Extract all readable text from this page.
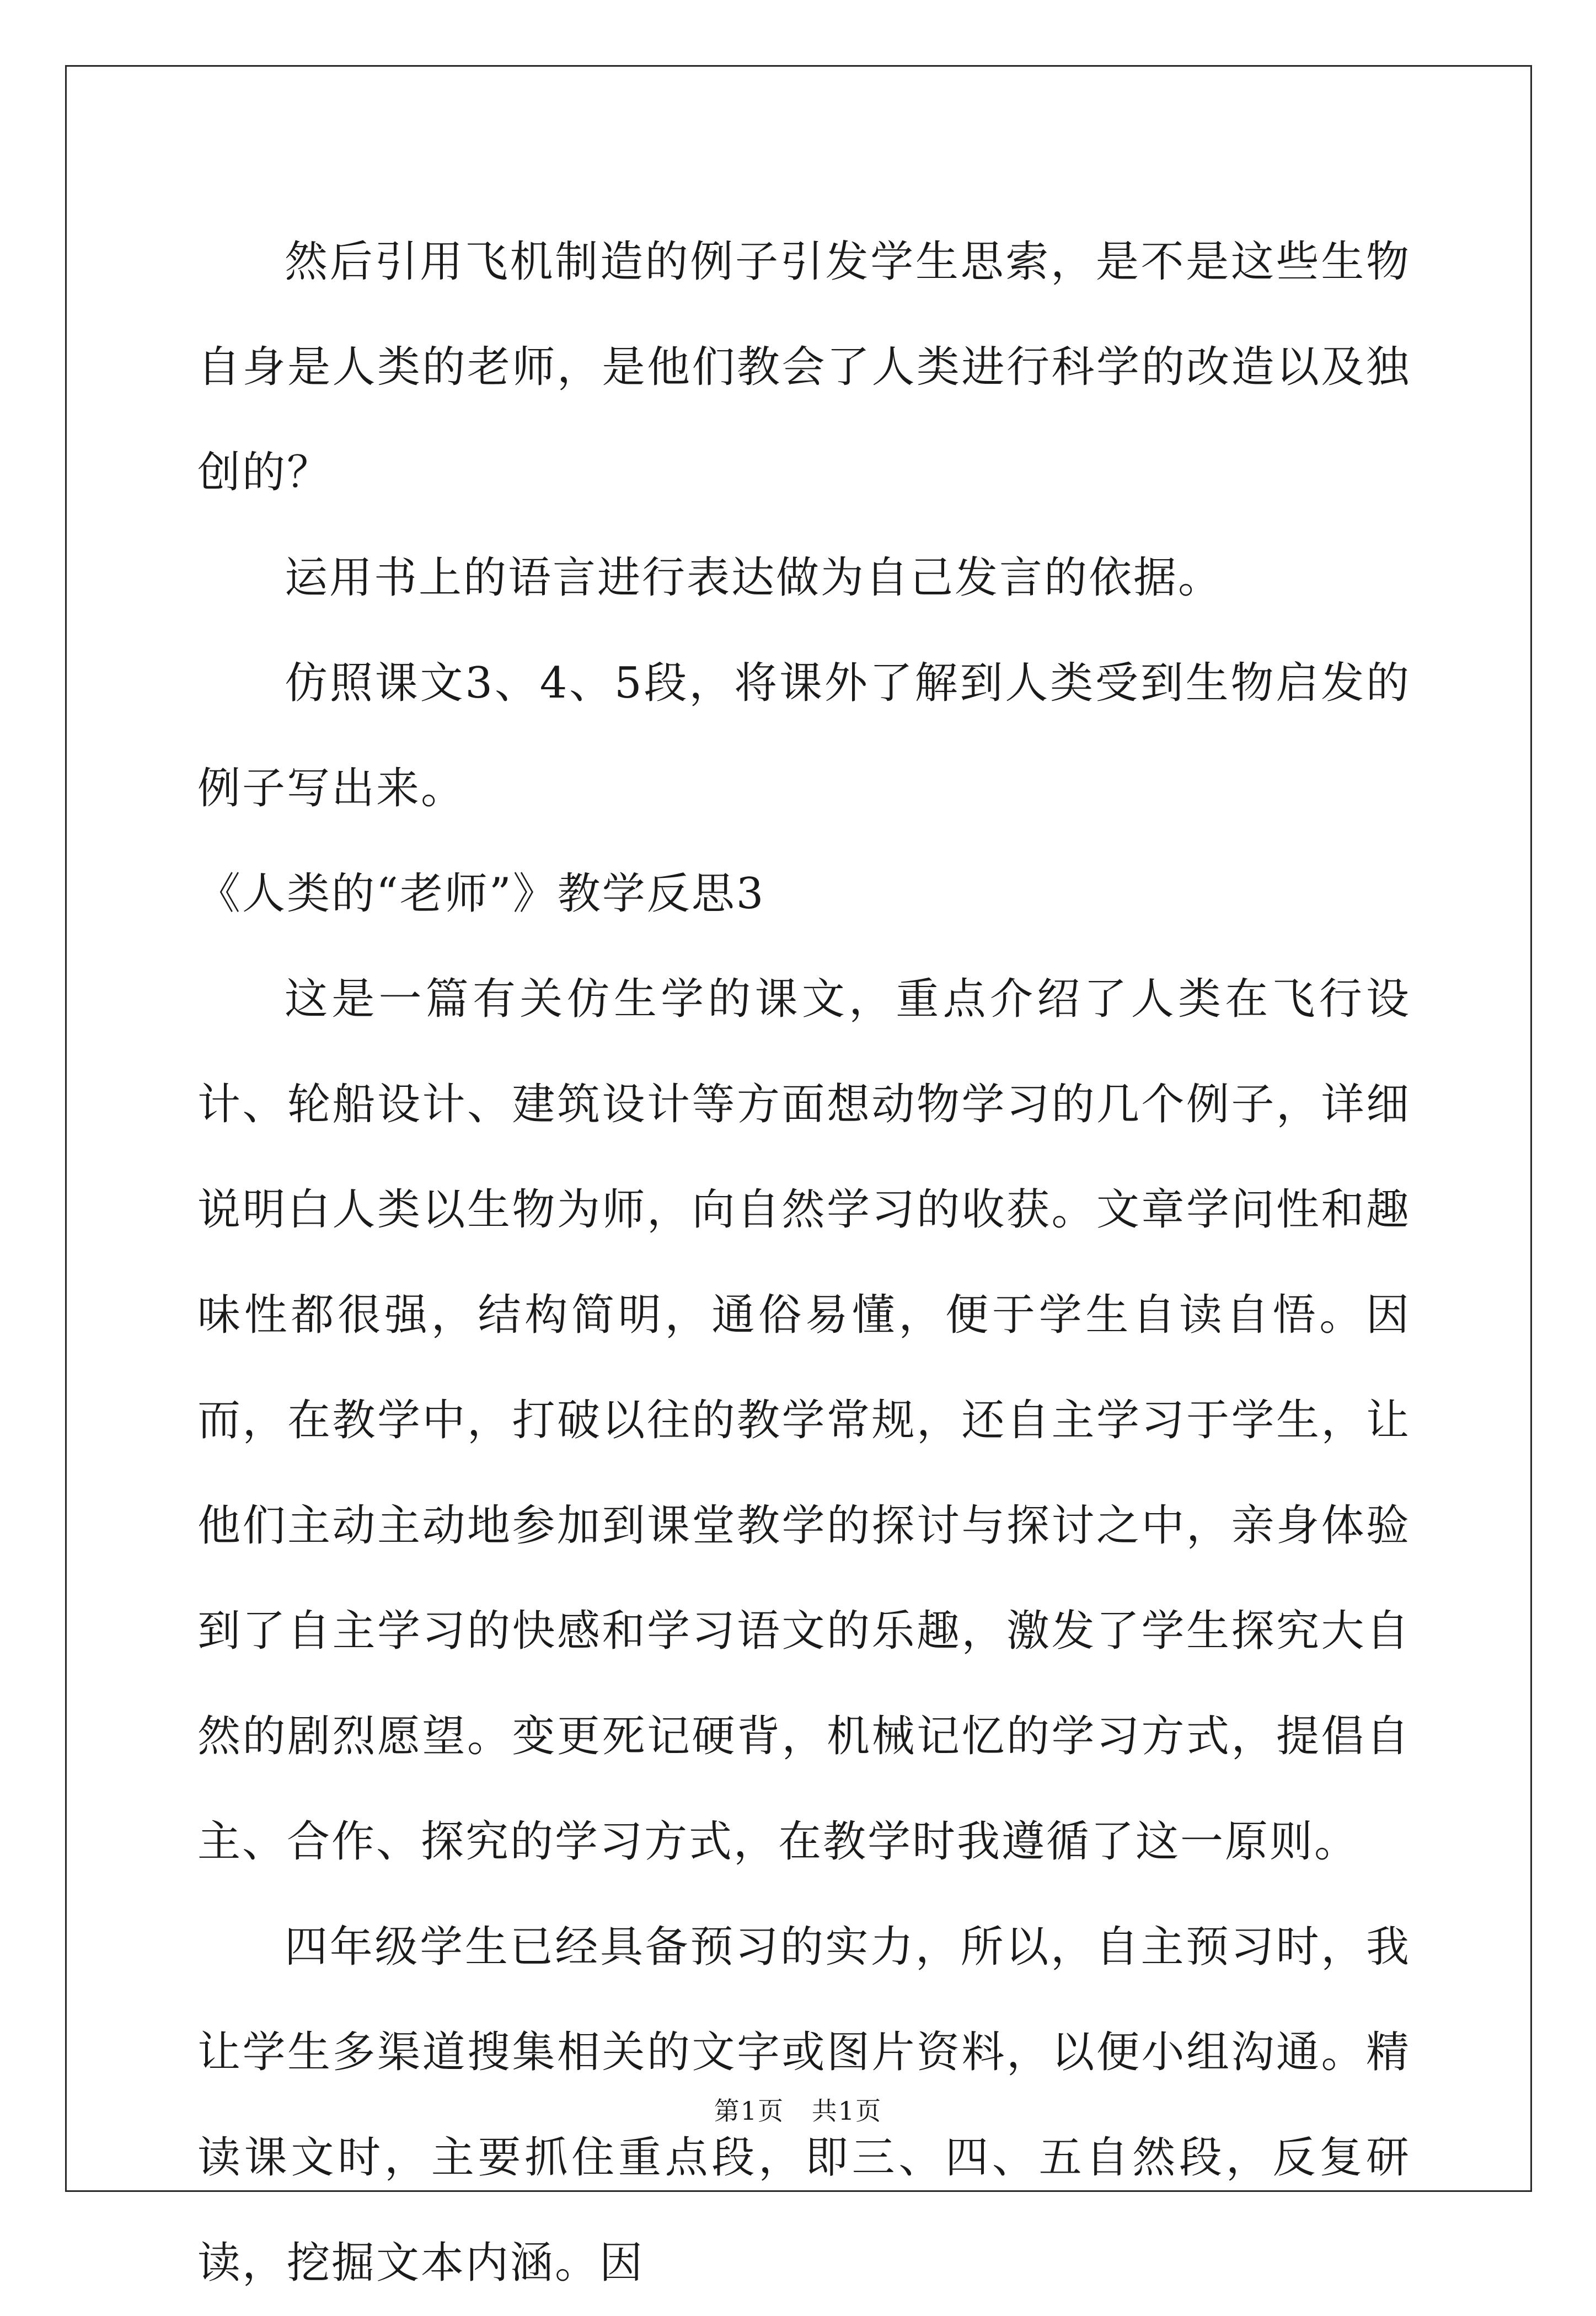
然后引用飞机制造的例子引发学生思索，是不是这些生物自身是人类的老师，是他们教会了人类进行科学的改造以及独创的？

运用书上的语言进行表达做为自己发言的依据。

仿照课文3、4、5段，将课外了解到人类受到生物启发的例子写出来。

《人类的“老师”》教学反思3

这是一篇有关仿生学的课文，重点介绍了人类在飞行设计、轮船设计、建筑设计等方面想动物学习的几个例子，详细说明白人类以生物为师，向自然学习的收获。文章学问性和趣味性都很强，结构简明，通俗易懂，便于学生自读自悟。因而，在教学中，打破以往的教学常规，还自主学习于学生，让他们主动主动地参加到课堂教学的探讨与探讨之中，亲身体验到了自主学习的快感和学习语文的乐趣，激发了学生探究大自然的剧烈愿望。变更死记硬背，机械记忆的学习方式，提倡自主、合作、探究的学习方式，在教学时我遵循了这一原则。

四年级学生已经具备预习的实力，所以，自主预习时，我让学生多渠道搜集相关的文字或图片资料，以便小组沟通。精读课文时，主要抓住重点段，即三、四、五自然段，反复研读，挖掘文本内涵。因

第1页   共1页
